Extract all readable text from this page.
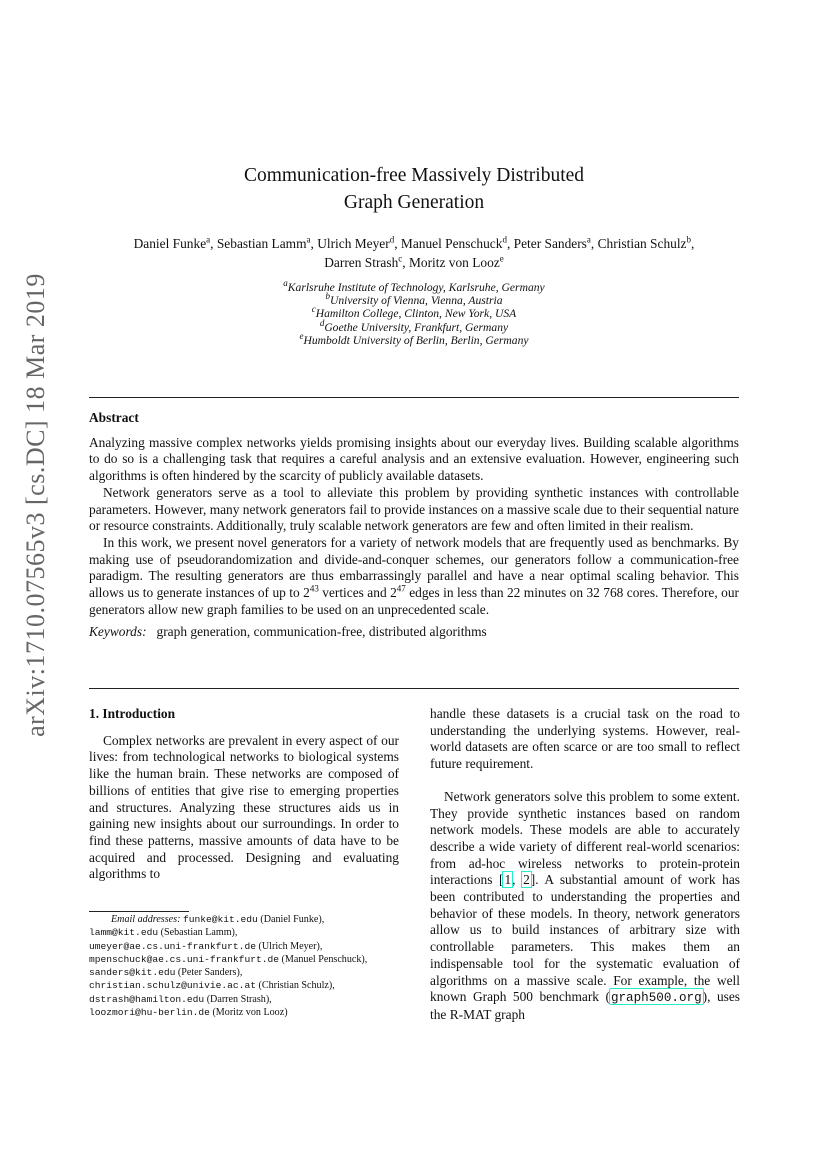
arXiv:1710.07565v3 [cs.DC] 18 Mar 2019
Communication-free Massively Distributed
Graph Generation
Daniel Funke$^a$, Sebastian Lamm$^a$, Ulrich Meyer$^d$, Manuel Penschuck$^d$, Peter Sanders$^a$, Christian Schulz$^b$,
Darren Strash$^c$, Moritz von Looz$^e$
$^a$Karlsruhe Institute of Technology, Karlsruhe, Germany
$^b$University of Vienna, Vienna, Austria
$^c$Hamilton College, Clinton, New York, USA
$^d$Goethe University, Frankfurt, Germany
$^e$Humboldt University of Berlin, Berlin, Germany
Abstract

Analyzing massive complex networks yields promising insights about our everyday lives. Building scalable algorithms to do so is a challenging task that requires a careful analysis and an extensive evaluation. However, engineering such algorithms is often hindered by the scarcity of publicly available datasets.

Network generators serve as a tool to alleviate this problem by providing synthetic instances with controllable parameters. However, many network generators fail to provide instances on a massive scale due to their sequential nature or resource constraints. Additionally, truly scalable network generators are few and often limited in their realism.

In this work, we present novel generators for a variety of network models that are frequently used as benchmarks. By making use of pseudorandomization and divide-and-conquer schemes, our generators follow a communication-free paradigm. The resulting generators are thus embarrassingly parallel and have a near optimal scaling behavior. This allows us to generate instances of up to $2^{43}$ vertices and $2^{47}$ edges in less than 22 minutes on 32 768 cores. Therefore, our generators allow new graph families to be used on an unprecedented scale.

Keywords: graph generation, communication-free, distributed algorithms
1. Introduction

Complex networks are prevalent in every aspect of our lives: from technological networks to biological systems like the human brain. These networks are composed of billions of entities that give rise to emerging properties and structures. Analyzing these structures aids us in gaining new insights about our surroundings. In order to find these patterns, massive amounts of data have to be acquired and processed. Designing and evaluating algorithms to

handle these datasets is a crucial task on the road to understanding the underlying systems. However, real-world datasets are often scarce or are too small to reflect future requirement.

Network generators solve this problem to some extent. They provide synthetic instances based on random network models. These models are able to accurately describe a wide variety of different real-world scenarios: from ad-hoc wireless networks to protein-protein interactions [1, 2]. A substantial amount of work has been contributed to understanding the properties and behavior of these models. In theory, network generators allow us to build instances of arbitrary size with controllable parameters. This makes them an indispensable tool for the systematic evaluation of algorithms on a massive scale. For example, the well known Graph 500 benchmark (graph500.org), uses the R-MAT graph

Email addresses: funke@kit.edu (Daniel Funke),
lamm@kit.edu (Sebastian Lamm),
umeyer@ae.cs.uni-frankfurt.de (Ulrich Meyer),
mpenschuck@ae.cs.uni-frankfurt.de (Manuel Penschuck),
sanders@kit.edu (Peter Sanders),
christian.schulz@univie.ac.at (Christian Schulz),
dstrash@hamilton.edu (Darren Strash),
loozmori@hu-berlin.de (Moritz von Looz)
